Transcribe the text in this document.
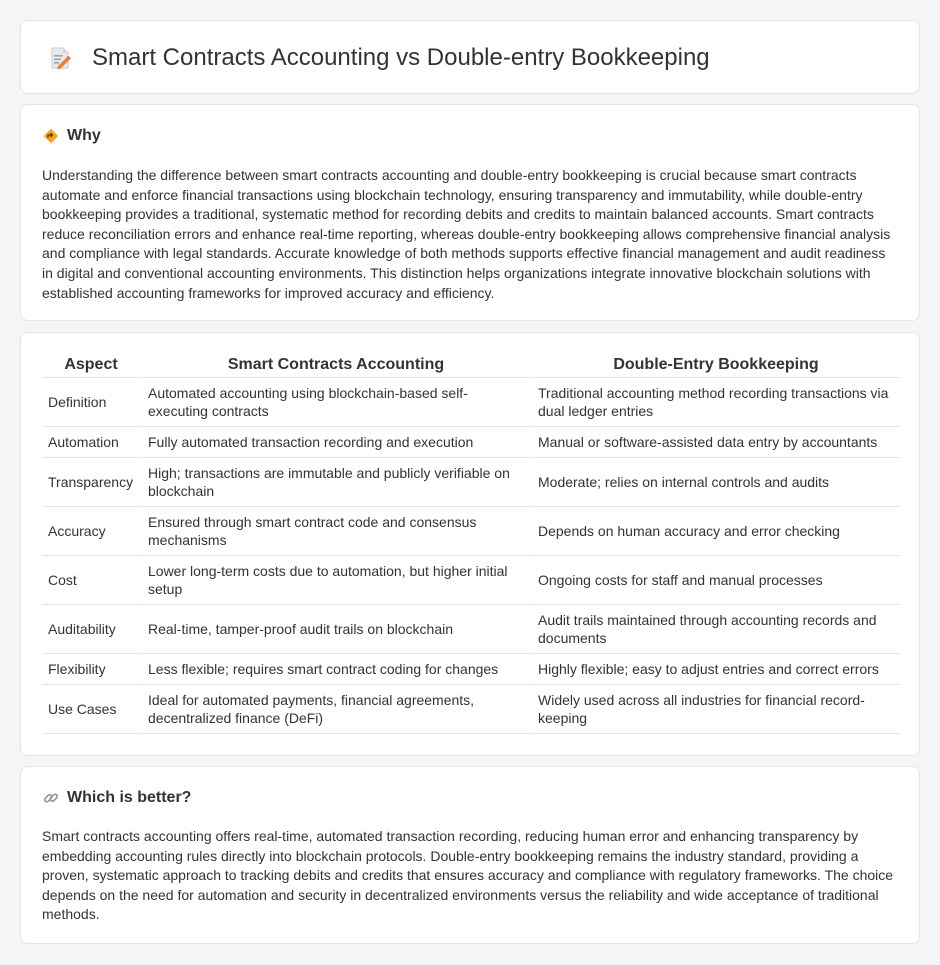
Smart Contracts Accounting vs Double-entry Bookkeeping
Why

Understanding the difference between smart contracts accounting and double-entry bookkeeping is crucial because smart contracts automate and enforce financial transactions using blockchain technology, ensuring transparency and immutability, while double-entry bookkeeping provides a traditional, systematic method for recording debits and credits to maintain balanced accounts. Smart contracts reduce reconciliation errors and enhance real-time reporting, whereas double-entry bookkeeping allows comprehensive financial analysis and compliance with legal standards. Accurate knowledge of both methods supports effective financial management and audit readiness in digital and conventional accounting environments. This distinction helps organizations integrate innovative blockchain solutions with established accounting frameworks for improved accuracy and efficiency.

Aspect	Smart Contracts Accounting	Double-Entry Bookkeeping
Definition	Automated accounting using blockchain-based self-executing contracts	Traditional accounting method recording transactions via dual ledger entries
Automation	Fully automated transaction recording and execution	Manual or software-assisted data entry by accountants
Transparency	High; transactions are immutable and publicly verifiable on blockchain	Moderate; relies on internal controls and audits
Accuracy	Ensured through smart contract code and consensus mechanisms	Depends on human accuracy and error checking
Cost	Lower long-term costs due to automation, but higher initial setup	Ongoing costs for staff and manual processes
Auditability	Real-time, tamper-proof audit trails on blockchain	Audit trails maintained through accounting records and documents
Flexibility	Less flexible; requires smart contract coding for changes	Highly flexible; easy to adjust entries and correct errors
Use Cases	Ideal for automated payments, financial agreements, decentralized finance (DeFi)	Widely used across all industries for financial record-keeping
Which is better?

Smart contracts accounting offers real-time, automated transaction recording, reducing human error and enhancing transparency by embedding accounting rules directly into blockchain protocols. Double-entry bookkeeping remains the industry standard, providing a proven, systematic approach to tracking debits and credits that ensures accuracy and compliance with regulatory frameworks. The choice depends on the need for automation and security in decentralized environments versus the reliability and wide acceptance of traditional methods.
